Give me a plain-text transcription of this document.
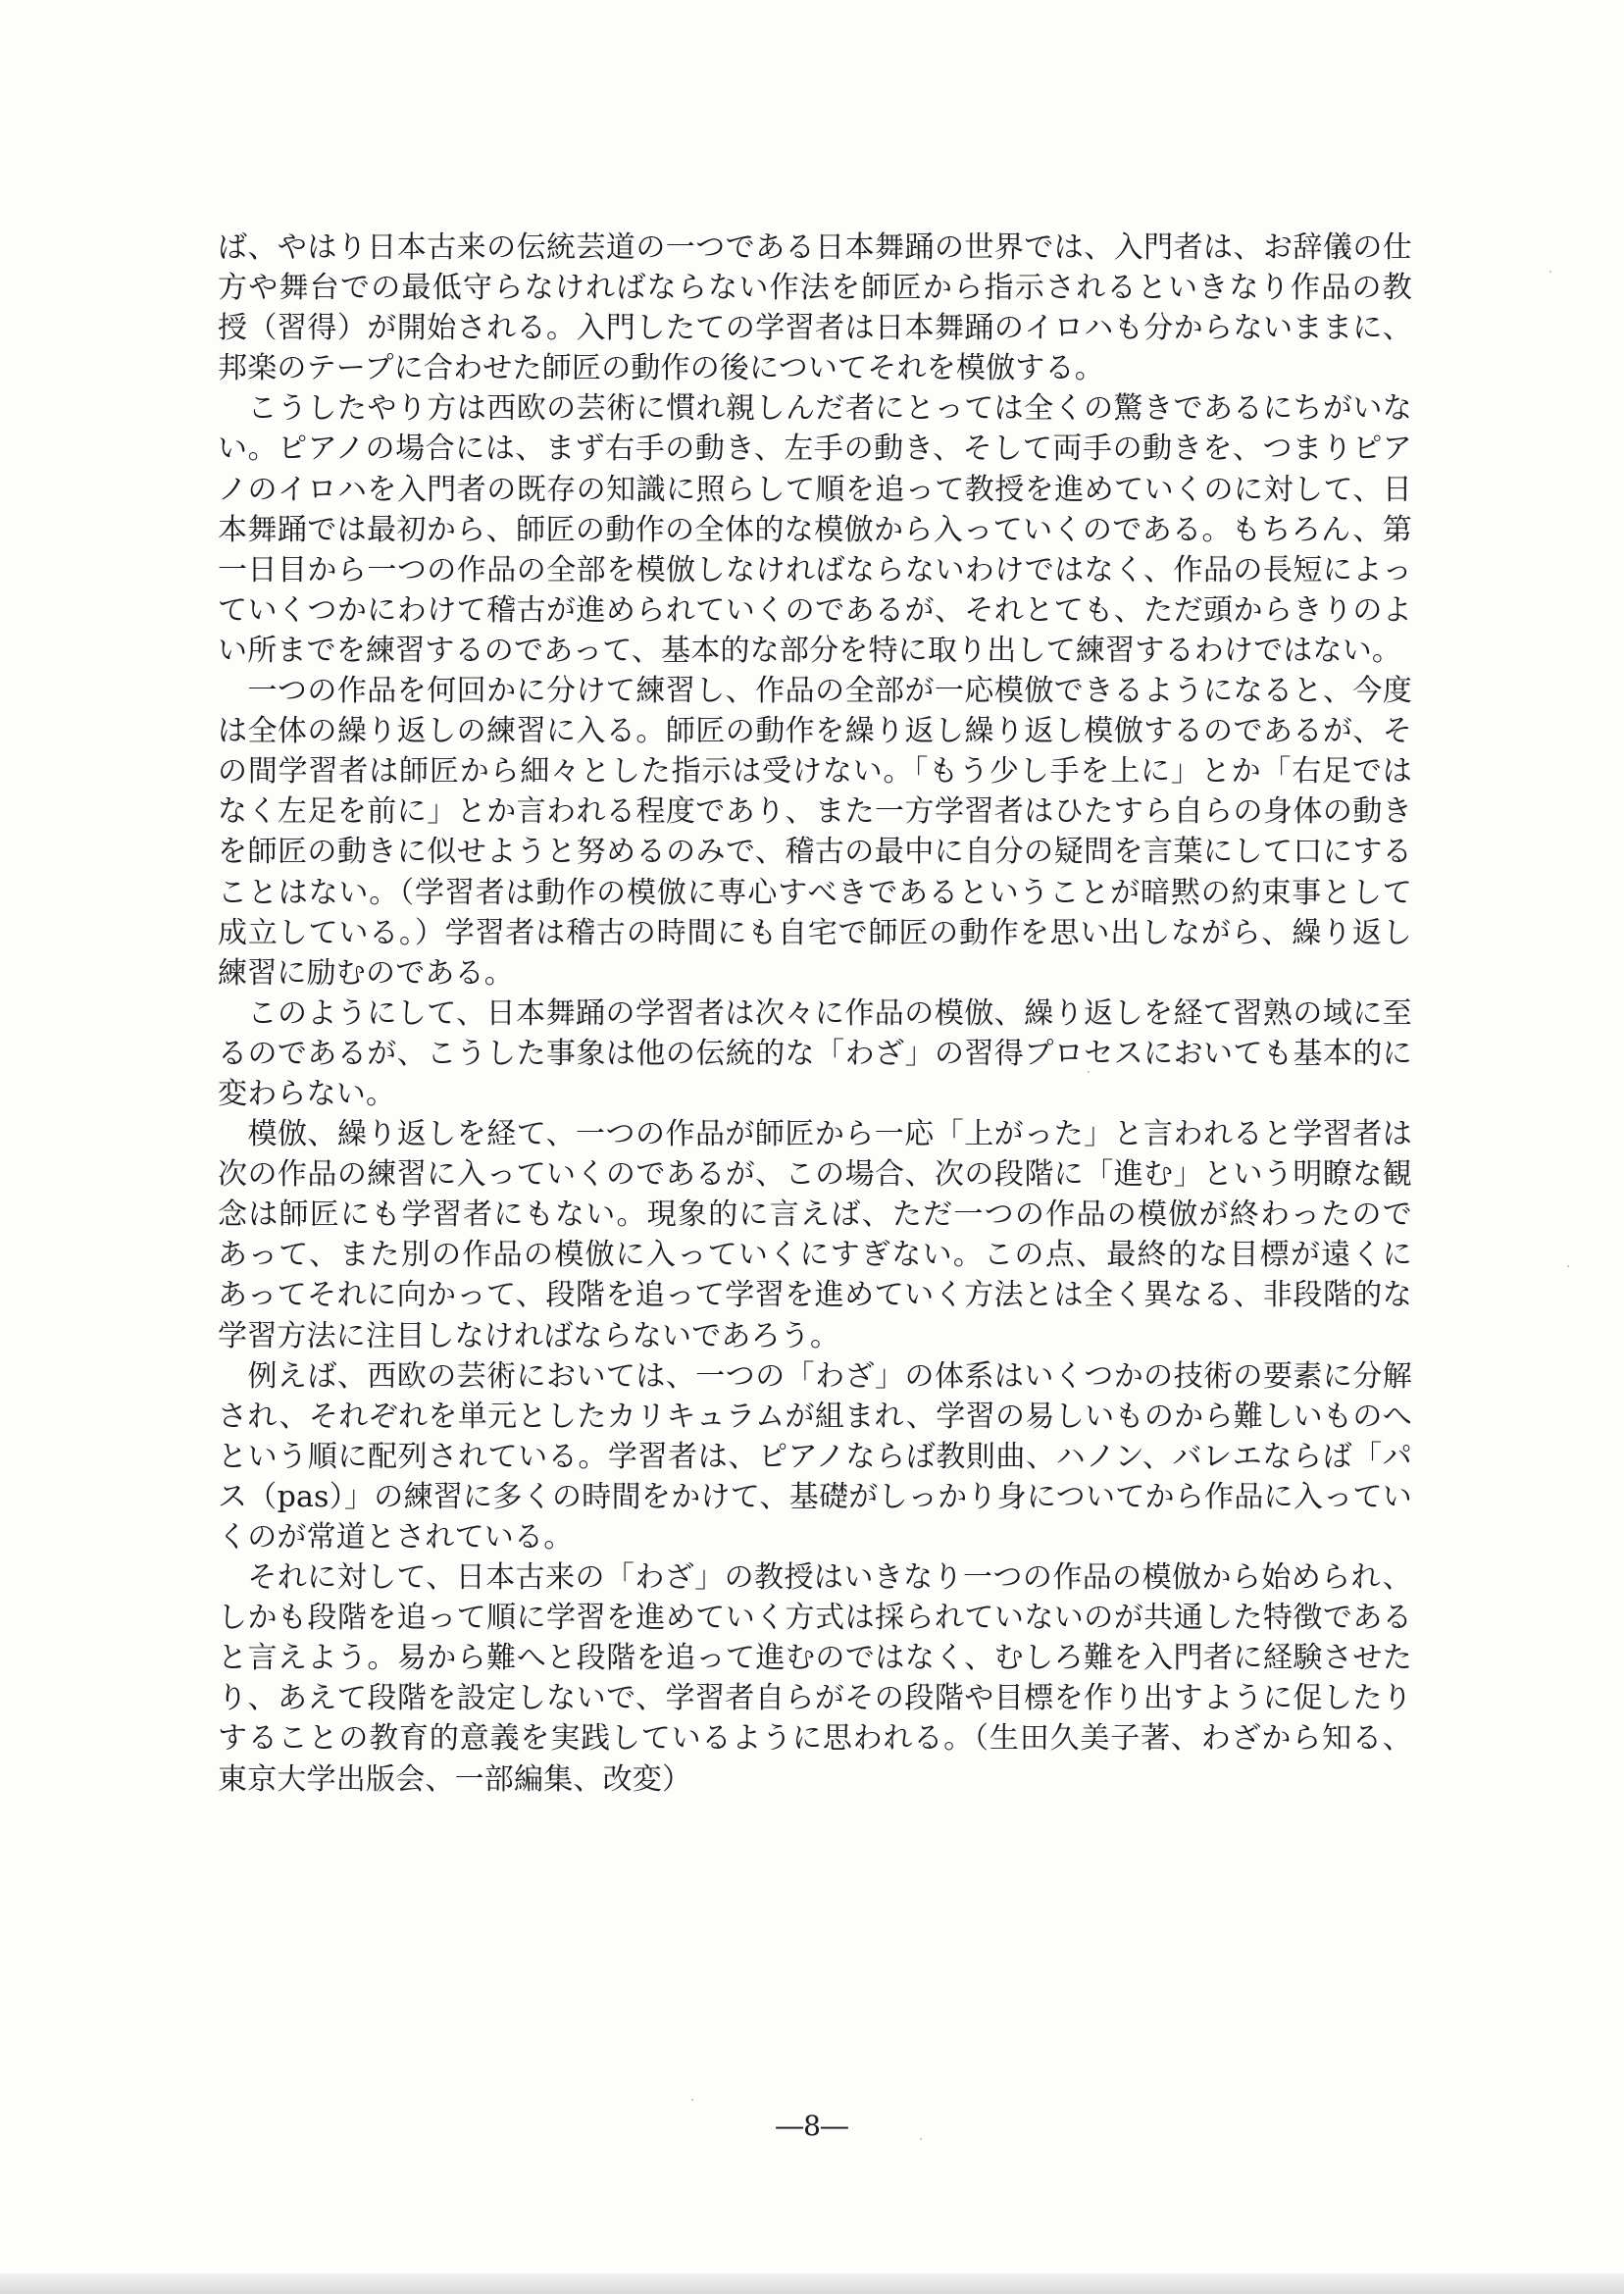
ば、やはり日本古来の伝統芸道の一つである日本舞踊の世界では、入門者は、お辞儀の仕
方や舞台での最低守らなければならない作法を師匠から指示されるといきなり作品の教
授（習得）が開始される。入門したての学習者は日本舞踊のイロハも分からないままに、
邦楽のテープに合わせた師匠の動作の後についてそれを模倣する。
　こうしたやり方は西欧の芸術に慣れ親しんだ者にとっては全くの驚きであるにちがいな
い。ピアノの場合には、まず右手の動き、左手の動き、そして両手の動きを、つまりピア
ノのイロハを入門者の既存の知識に照らして順を追って教授を進めていくのに対して、日
本舞踊では最初から、師匠の動作の全体的な模倣から入っていくのである。もちろん、第
一日目から一つの作品の全部を模倣しなければならないわけではなく、作品の長短によっ
ていくつかにわけて稽古が進められていくのであるが、それとても、ただ頭からきりのよ
い所までを練習するのであって、基本的な部分を特に取り出して練習するわけではない。
　一つの作品を何回かに分けて練習し、作品の全部が一応模倣できるようになると、今度
は全体の繰り返しの練習に入る。師匠の動作を繰り返し繰り返し模倣するのであるが、そ
の間学習者は師匠から細々とした指示は受けない。「もう少し手を上に」とか「右足では
なく左足を前に」とか言われる程度であり、また一方学習者はひたすら自らの身体の動き
を師匠の動きに似せようと努めるのみで、稽古の最中に自分の疑問を言葉にして口にする
ことはない。（学習者は動作の模倣に専心すべきであるということが暗黙の約束事として
成立している。）学習者は稽古の時間にも自宅で師匠の動作を思い出しながら、繰り返し
練習に励むのである。
　このようにして、日本舞踊の学習者は次々に作品の模倣、繰り返しを経て習熟の域に至
るのであるが、こうした事象は他の伝統的な「わざ」の習得プロセスにおいても基本的に
変わらない。
　模倣、繰り返しを経て、一つの作品が師匠から一応「上がった」と言われると学習者は
次の作品の練習に入っていくのであるが、この場合、次の段階に「進む」という明瞭な観
念は師匠にも学習者にもない。現象的に言えば、ただ一つの作品の模倣が終わったので
あって、また別の作品の模倣に入っていくにすぎない。この点、最終的な目標が遠くに
あってそれに向かって、段階を追って学習を進めていく方法とは全く異なる、非段階的な
学習方法に注目しなければならないであろう。
　例えば、西欧の芸術においては、一つの「わざ」の体系はいくつかの技術の要素に分解
され、それぞれを単元としたカリキュラムが組まれ、学習の易しいものから難しいものへ
という順に配列されている。学習者は、ピアノならば教則曲、ハノン、バレエならば「パ
ス（pas）」の練習に多くの時間をかけて、基礎がしっかり身についてから作品に入ってい
くのが常道とされている。
　それに対して、日本古来の「わざ」の教授はいきなり一つの作品の模倣から始められ、
しかも段階を追って順に学習を進めていく方式は採られていないのが共通した特徴である
と言えよう。易から難へと段階を追って進むのではなく、むしろ難を入門者に経験させた
り、あえて段階を設定しないで、学習者自らがその段階や目標を作り出すように促したり
することの教育的意義を実践しているように思われる。（生田久美子著、わざから知る、
東京大学出版会、一部編集、改変）
―8―
